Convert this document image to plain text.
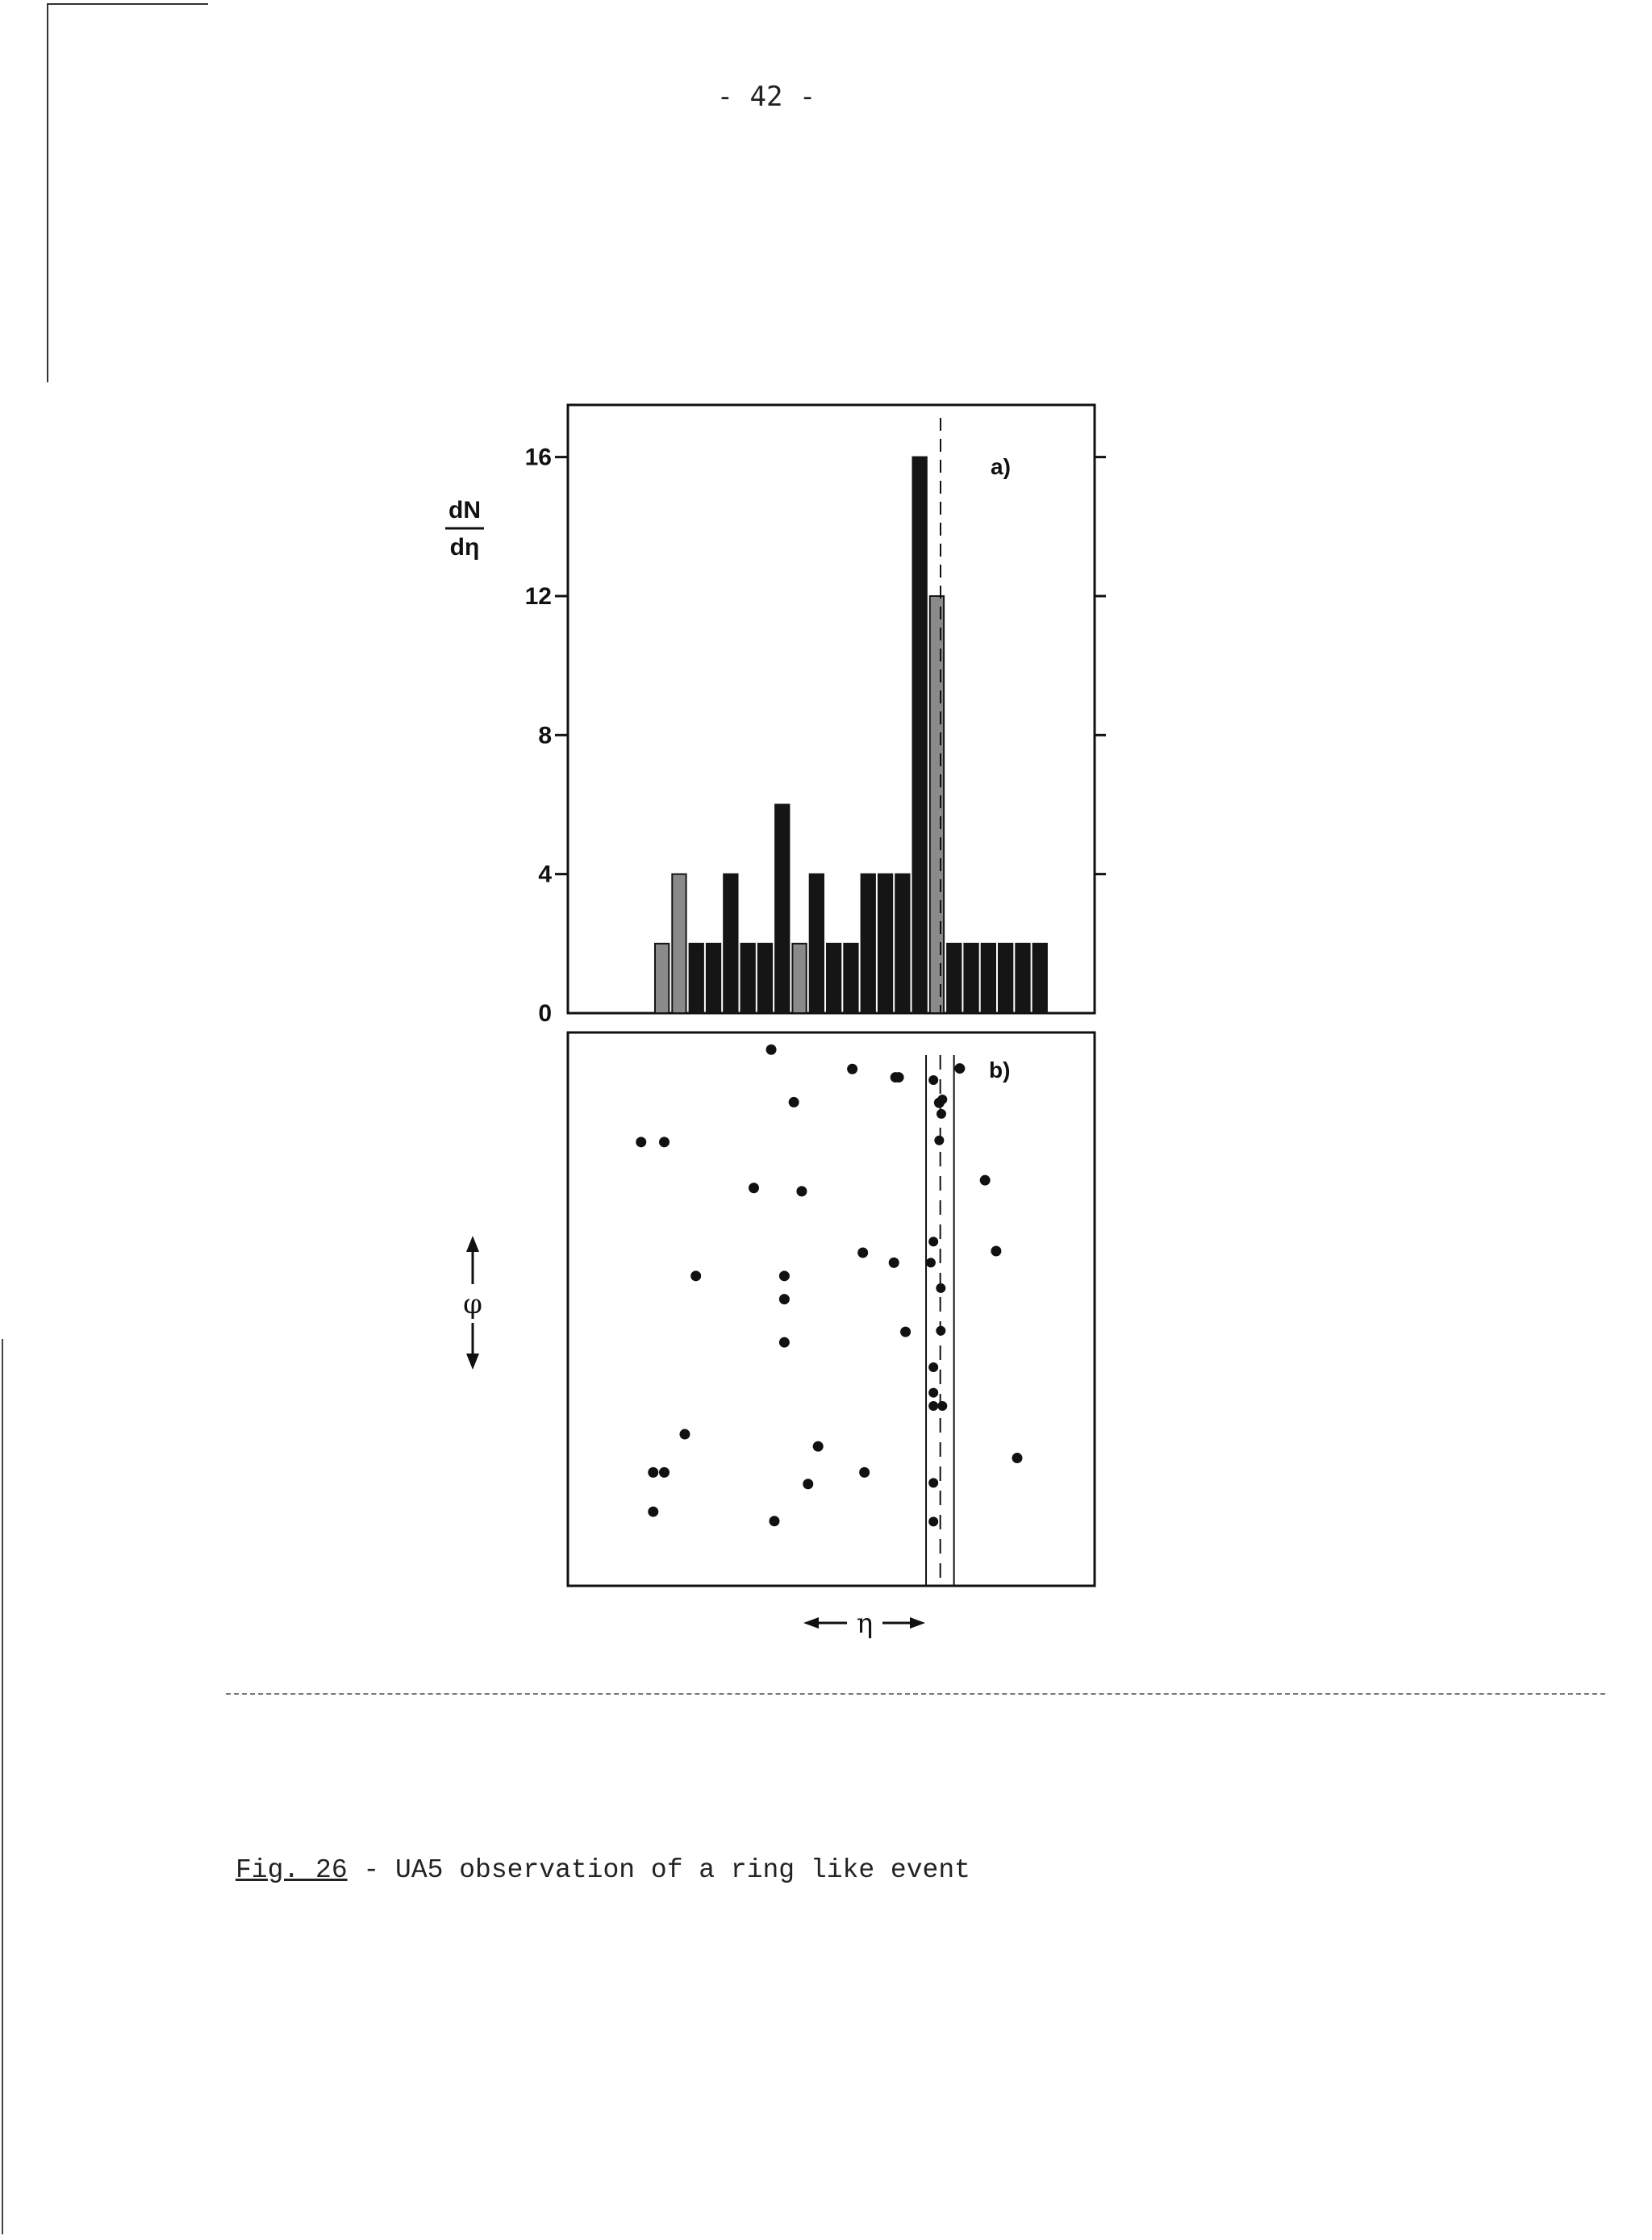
- 42 -
0
4
8
12
16
dN
dη
a)
b)
φ
η
Fig. 26 - UA5 observation of a ring like event
